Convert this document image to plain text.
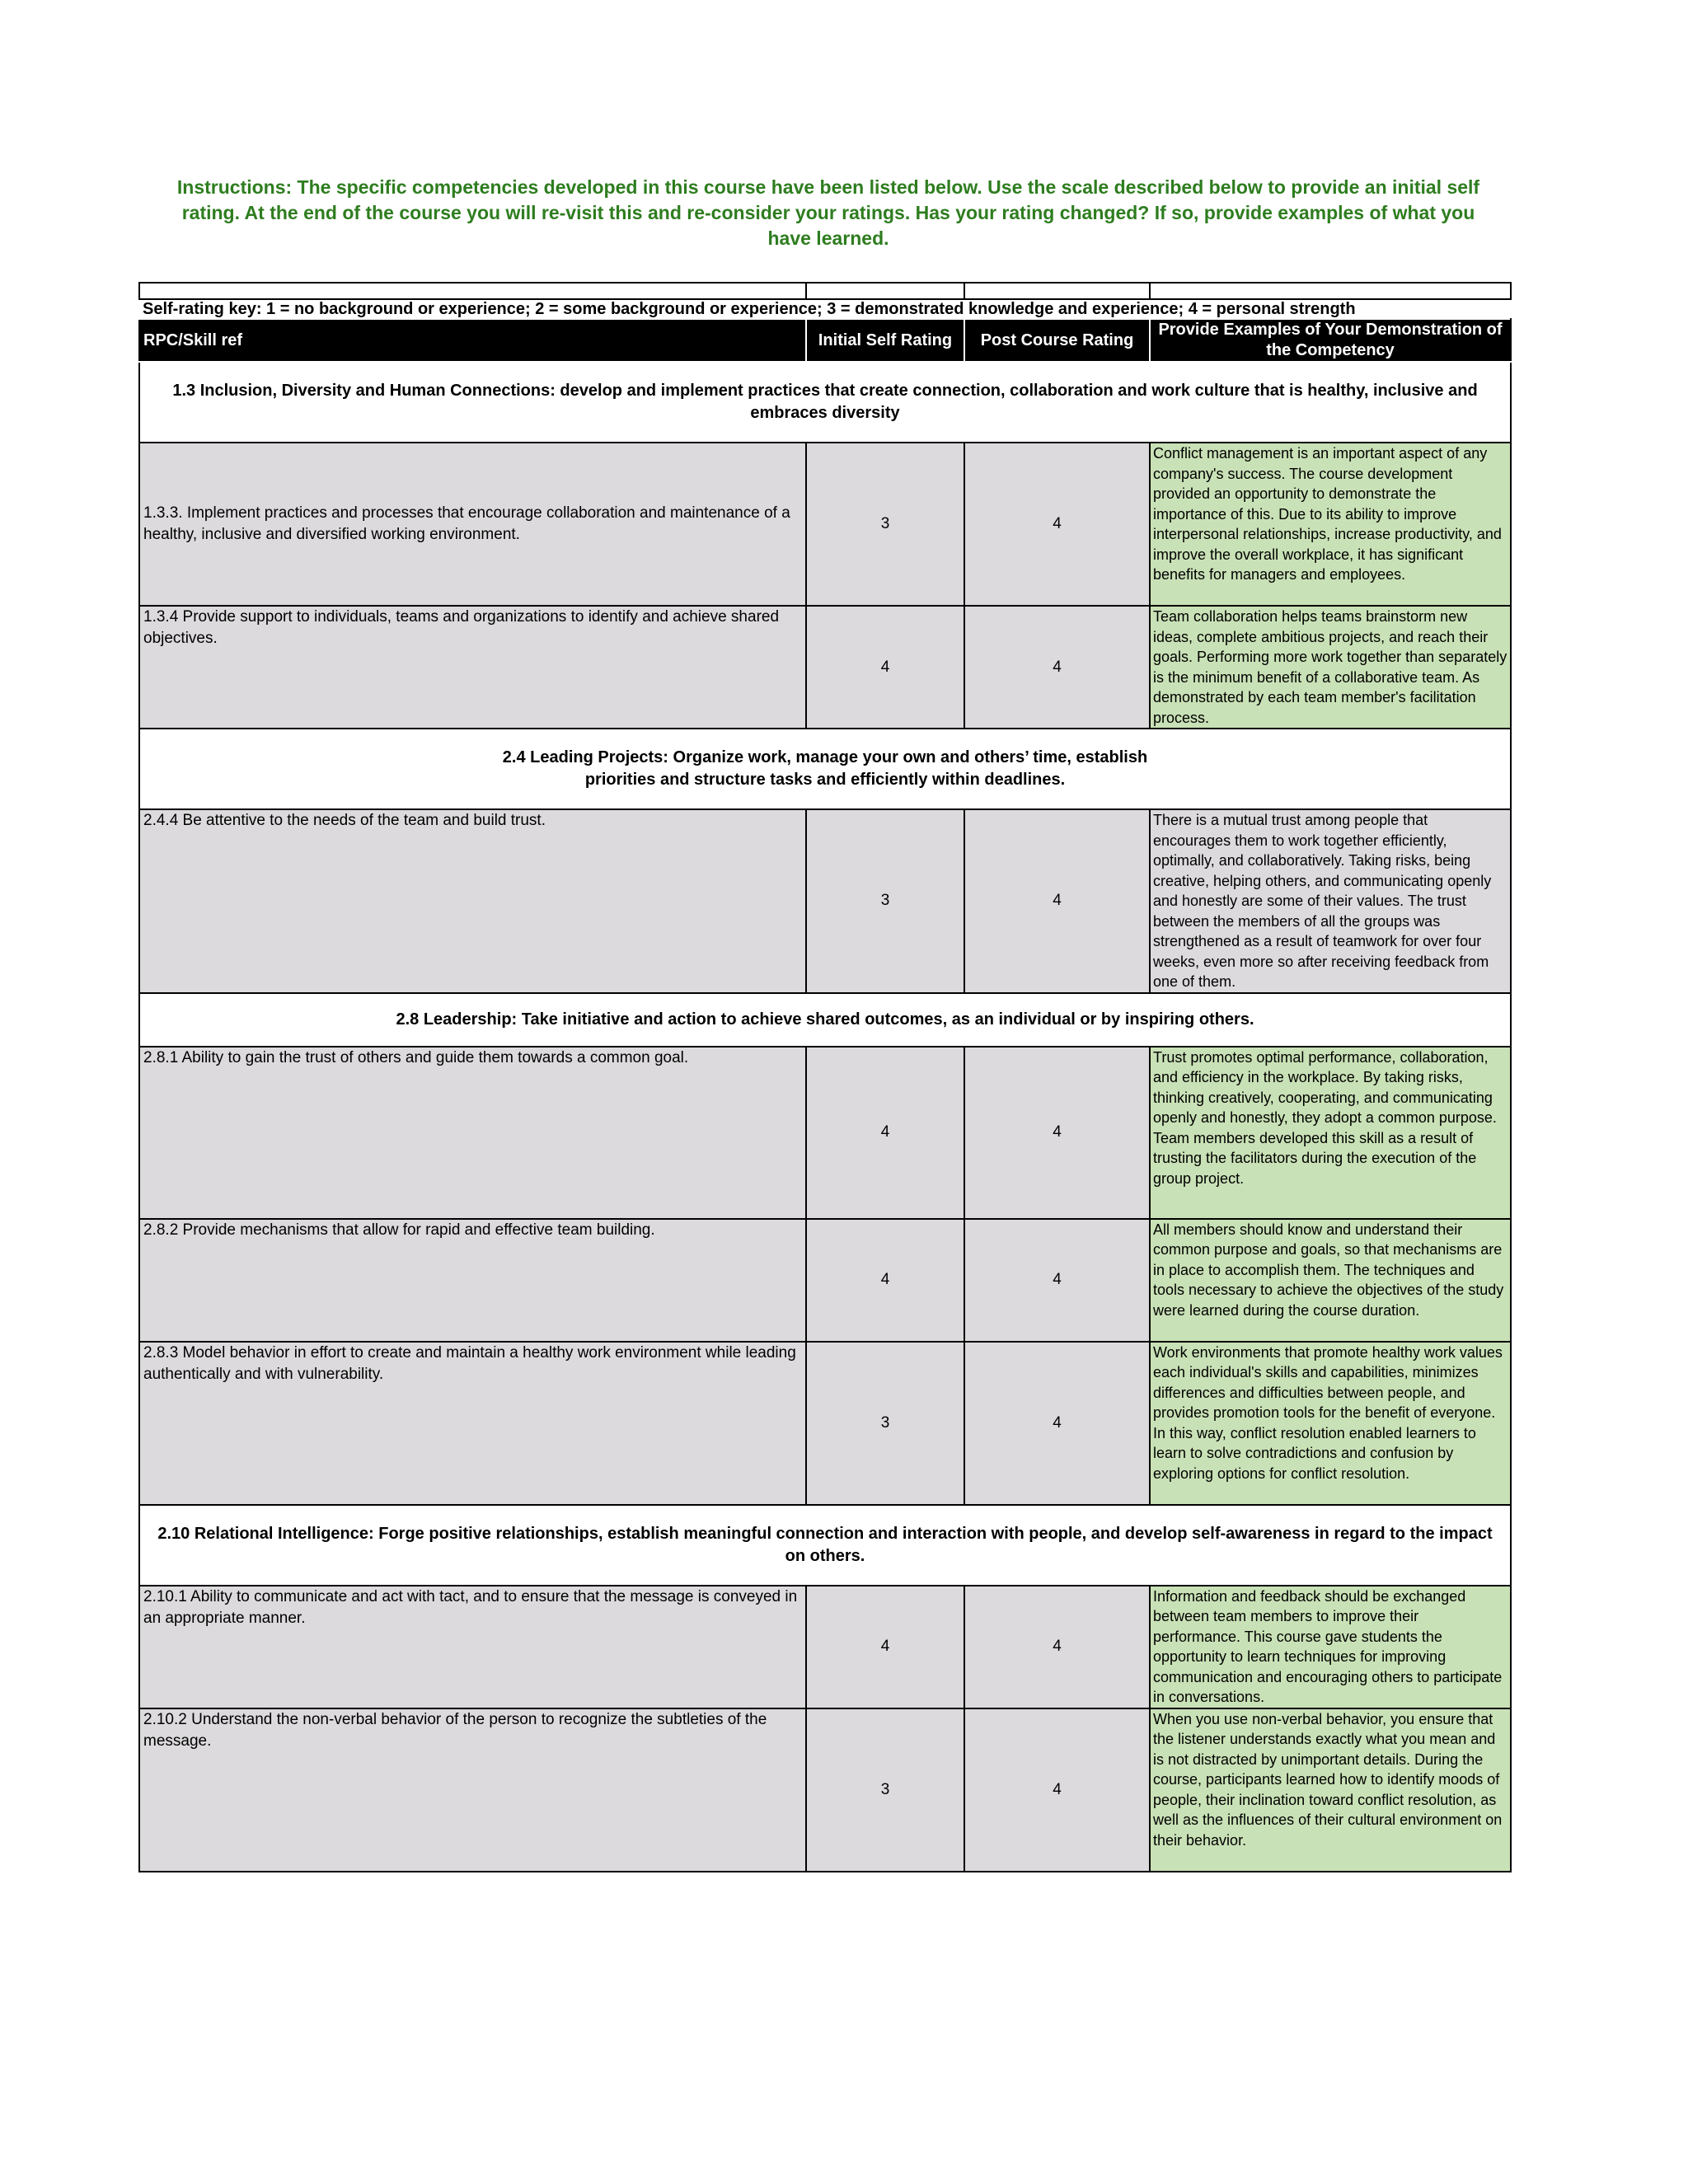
Instructions: The specific competencies developed in this course have been listed below. Use the scale described below to provide an initial self rating. At the end of the course you will re-visit this and re-consider your ratings. Has your rating changed? If so, provide examples of what you have learned.

Self-rating key: 1 = no background or experience; 2 = some background or experience; 3 = demonstrated knowledge and experience; 4 = personal strength			
RPC/Skill ref	Initial Self Rating	Post Course Rating	Provide Examples of Your Demonstration of the Competency
1.3 Inclusion, Diversity and Human Connections: develop and implement practices that create connection, collaboration and work culture that is healthy, inclusive and embraces diversity			
1.3.3. Implement practices and processes that encourage collaboration and maintenance of a healthy, inclusive and diversified working environment.	3	4	Conflict management is an important aspect of any company's success. The course development provided an opportunity to demonstrate the importance of this. Due to its ability to improve interpersonal relationships, increase productivity, and improve the overall workplace, it has significant benefits for managers and employees.
1.3.4 Provide support to individuals, teams and organizations to identify and achieve shared objectives.	4	4	Team collaboration helps teams brainstorm new ideas, complete ambitious projects, and reach their goals. Performing more work together than separately is the minimum benefit of a collaborative team. As demonstrated by each team member's facilitation process.
2.4 Leading Projects: Organize work, manage your own and others’ time, establish priorities and structure tasks and efficiently within deadlines.			
2.4.4 Be attentive to the needs of the team and build trust.	3	4	There is a mutual trust among people that encourages them to work together efficiently, optimally, and collaboratively. Taking risks, being creative, helping others, and communicating openly and honestly are some of their values. The trust between the members of all the groups was strengthened as a result of teamwork for over four weeks, even more so after receiving feedback from one of them.
2.8 Leadership: Take initiative and action to achieve shared outcomes, as an individual or by inspiring others.			
2.8.1 Ability to gain the trust of others and guide them towards a common goal.	4	4	Trust promotes optimal performance, collaboration, and efficiency in the workplace. By taking risks, thinking creatively, cooperating, and communicating openly and honestly, they adopt a common purpose. Team members developed this skill as a result of trusting the facilitators during the execution of the group project.
2.8.2 Provide mechanisms that allow for rapid and effective team building.	4	4	All members should know and understand their common purpose and goals, so that mechanisms are in place to accomplish them. The techniques and tools necessary to achieve the objectives of the study were learned during the course duration.
2.8.3 Model behavior in effort to create and maintain a healthy work environment while leading authentically and with vulnerability.	3	4	Work environments that promote healthy work values each individual's skills and capabilities, minimizes differences and difficulties between people, and provides promotion tools for the benefit of everyone. In this way, conflict resolution enabled learners to learn to solve contradictions and confusion by exploring options for conflict resolution.
2.10 Relational Intelligence: Forge positive relationships, establish meaningful connection and interaction with people, and develop self-awareness in regard to the impact on others.			
2.10.1 Ability to communicate and act with tact, and to ensure that the message is conveyed in an appropriate manner.	4	4	Information and feedback should be exchanged between team members to improve their performance. This course gave students the opportunity to learn techniques for improving communication and encouraging others to participate in conversations.
2.10.2 Understand the non-verbal behavior of the person to recognize the subtleties of the message.	3	4	When you use non-verbal behavior, you ensure that the listener understands exactly what you mean and is not distracted by unimportant details. During the course, participants learned how to identify moods of people, their inclination toward conflict resolution, as well as the influences of their cultural environment on their behavior.
